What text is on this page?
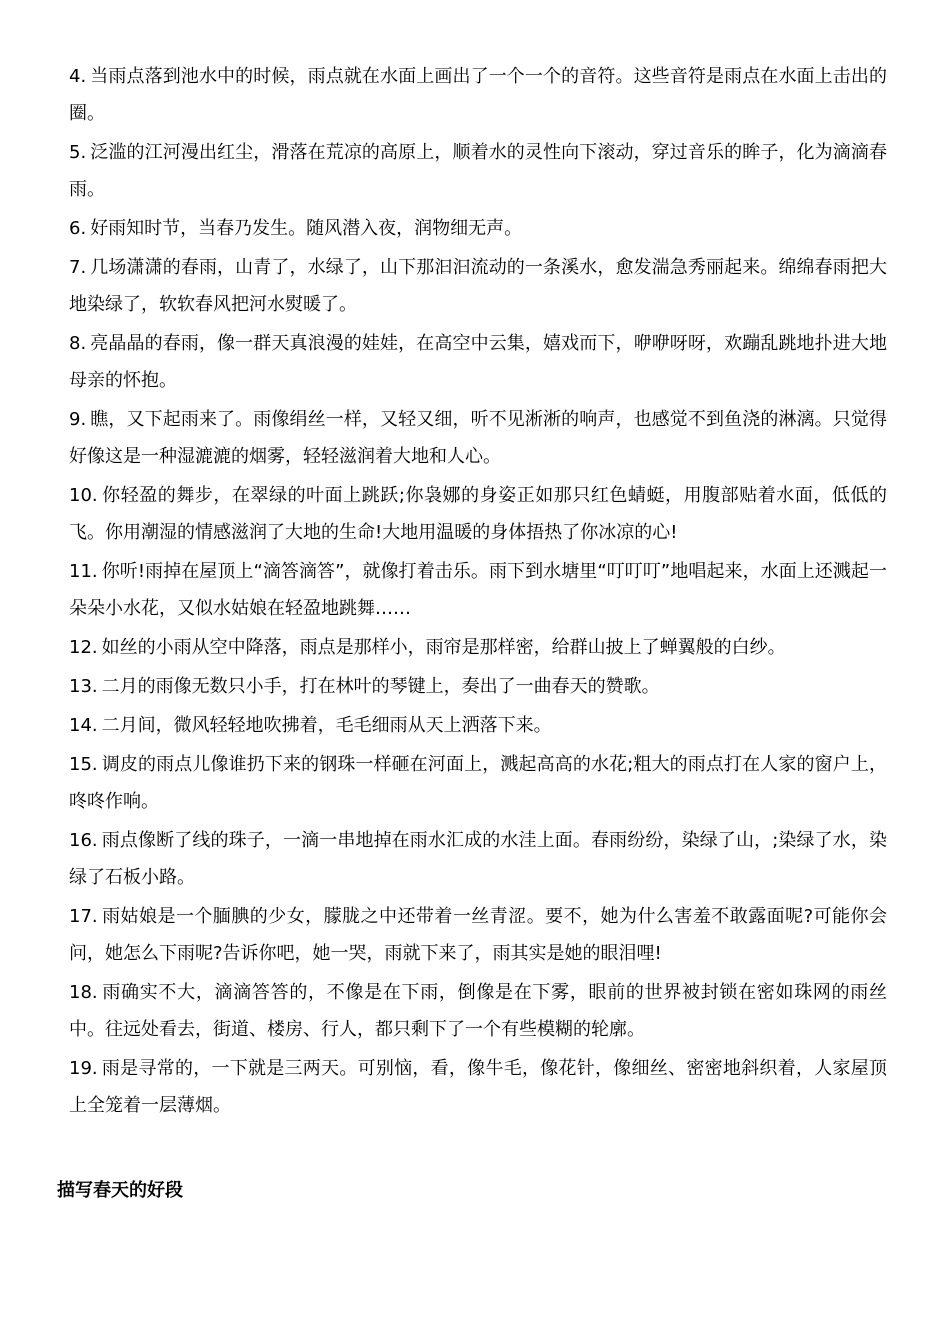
4. 当雨点落到池水中的时候，雨点就在水面上画出了一个一个的音符。这些音符是雨点在水面上击出的圈。
5. 泛滥的江河漫出红尘，滑落在荒凉的高原上，顺着水的灵性向下滚动，穿过音乐的眸子，化为滴滴春雨。
6. 好雨知时节，当春乃发生。随风潜入夜，润物细无声。
7. 几场潇潇的春雨，山青了，水绿了，山下那汩汩流动的一条溪水，愈发湍急秀丽起来。绵绵春雨把大地染绿了，软软春风把河水熨暖了。
8. 亮晶晶的春雨，像一群天真浪漫的娃娃，在高空中云集，嬉戏而下，咿咿呀呀，欢蹦乱跳地扑进大地母亲的怀抱。
9. 瞧，又下起雨来了。雨像绢丝一样，又轻又细，听不见淅淅的响声，也感觉不到鱼浇的淋漓。只觉得好像这是一种湿漉漉的烟雾，轻轻滋润着大地和人心。
10. 你轻盈的舞步，在翠绿的叶面上跳跃;你袅娜的身姿正如那只红色蜻蜓，用腹部贴着水面，低低的飞。你用潮湿的情感滋润了大地的生命!大地用温暖的身体捂热了你冰凉的心!
11. 你听!雨掉在屋顶上“滴答滴答”，就像打着击乐。雨下到水塘里“叮叮叮”地唱起来，水面上还溅起一朵朵小水花，又似水姑娘在轻盈地跳舞……
12. 如丝的小雨从空中降落，雨点是那样小，雨帘是那样密，给群山披上了蝉翼般的白纱。
13. 二月的雨像无数只小手，打在林叶的琴键上，奏出了一曲春天的赞歌。
14. 二月间，微风轻轻地吹拂着，毛毛细雨从天上洒落下来。
15. 调皮的雨点儿像谁扔下来的钢珠一样砸在河面上，溅起高高的水花;粗大的雨点打在人家的窗户上，咚咚作响。
16. 雨点像断了线的珠子，一滴一串地掉在雨水汇成的水洼上面。春雨纷纷，染绿了山，;染绿了水，染绿了石板小路。
17. 雨姑娘是一个腼腆的少女，朦胧之中还带着一丝青涩。要不，她为什么害羞不敢露面呢?可能你会问，她怎么下雨呢?告诉你吧，她一哭，雨就下来了，雨其实是她的眼泪哩!
18. 雨确实不大，滴滴答答的，不像是在下雨，倒像是在下雾，眼前的世界被封锁在密如珠网的雨丝中。往远处看去，街道、楼房、行人，都只剩下了一个有些模糊的轮廓。
19. 雨是寻常的，一下就是三两天。可别恼，看，像牛毛，像花针，像细丝、密密地斜织着，人家屋顶上全笼着一层薄烟。
描写春天的好段
